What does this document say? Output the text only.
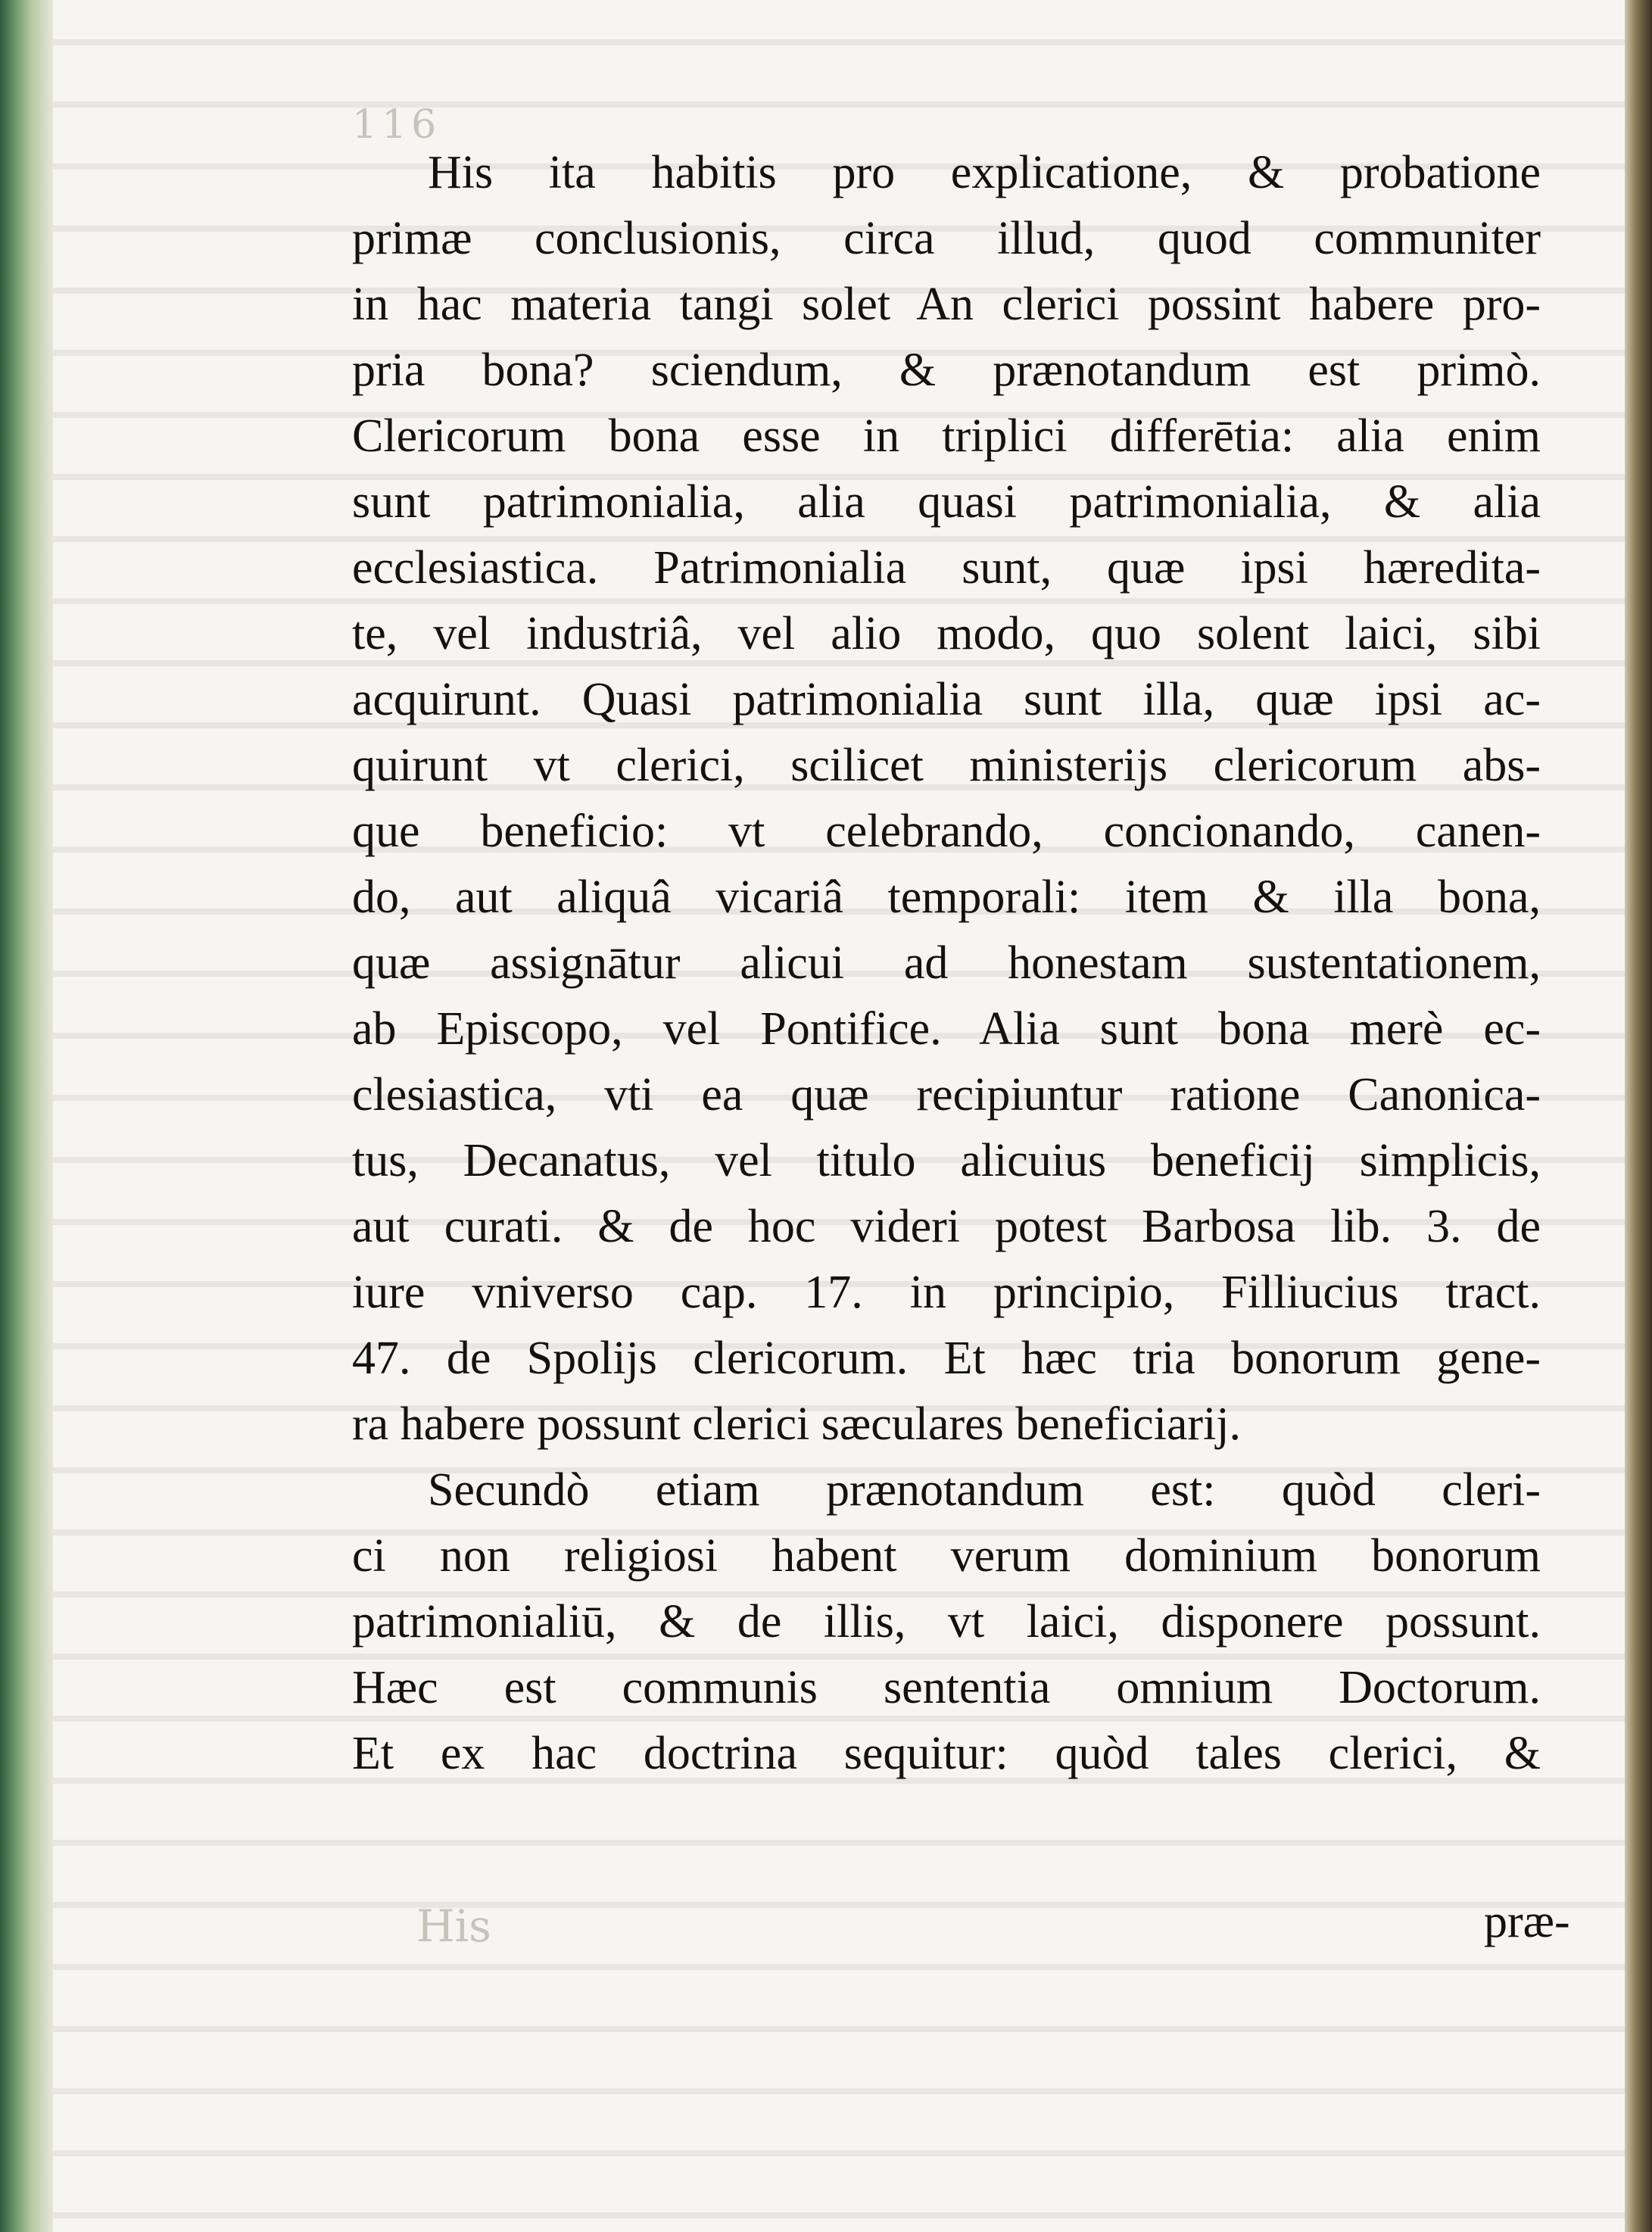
116
His
His ita habitis pro explicatione, & probatione
primæ conclusionis, circa illud, quod communiter
in hac materia tangi solet An clerici possint habere pro-
pria bona? sciendum, & prænotandum est primò.
Clericorum bona esse in triplici differētia: alia enim
sunt patrimonialia, alia quasi patrimonialia, & alia
ecclesiastica. Patrimonialia sunt, quæ ipsi hæredita-
te, vel industriâ, vel alio modo, quo solent laici, sibi
acquirunt. Quasi patrimonialia sunt illa, quæ ipsi ac-
quirunt vt clerici, scilicet ministerijs clericorum abs-
que beneficio: vt celebrando, concionando, canen-
do, aut aliquâ vicariâ temporali: item & illa bona,
quæ assignātur alicui ad honestam sustentationem,
ab Episcopo, vel Pontifice. Alia sunt bona merè ec-
clesiastica, vti ea quæ recipiuntur ratione Canonica-
tus, Decanatus, vel titulo alicuius beneficij simplicis,
aut curati. & de hoc videri potest Barbosa lib. 3. de
iure vniverso cap. 17. in principio, Filliucius tract.
47. de Spolijs clericorum. Et hæc tria bonorum gene-
ra habere possunt clerici sæculares beneficiarij.
Secundò etiam prænotandum est: quòd cleri-
ci non religiosi habent verum dominium bonorum
patrimonialiū, & de illis, vt laici, disponere possunt.
Hæc est communis sententia omnium Doctorum.
Et ex hac doctrina sequitur: quòd tales clerici, &
præ-
